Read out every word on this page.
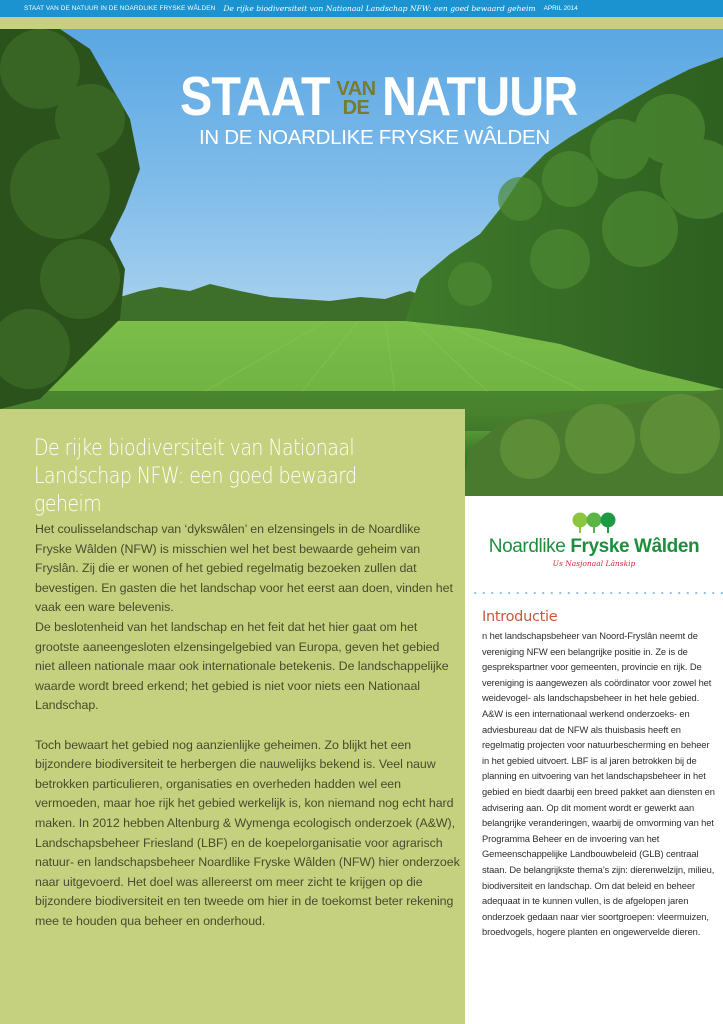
STAAT VAN DE NATUUR IN DE NOARDLIKE FRYSKE WÂLDEN De rijke biodiversiteit van Nationaal Landschap NFW: een goed bewaard geheim APRIL 2014
STAAT VAN
DE NATUUR
IN DE NOARDLIKE FRYSKE WÂLDEN
De rijke biodiversiteit van Nationaal
Landschap NFW: een goed bewaard geheim

Het coulisselandschap van ‘dykswâlen’ en elzensingels in de Noardlike Fryske Wâlden (NFW) is misschien wel het best bewaarde geheim van Fryslân. Zij die er wonen of het gebied regelmatig bezoeken zullen dat bevestigen. En gasten die het landschap voor het eerst aan doen, vinden het vaak een ware belevenis.

De beslotenheid van het landschap en het feit dat het hier gaat om het grootste aaneengesloten elzensingelgebied van Europa, geven het gebied niet alleen nationale maar ook internationale betekenis. De landschappelijke waarde wordt breed erkend; het gebied is niet voor niets een Nationaal Landschap.

Toch bewaart het gebied nog aanzienlijke geheimen. Zo blijkt het een bijzondere biodiversiteit te herbergen die nauwelijks bekend is. Veel nauw betrokken particulieren, organisaties en overheden hadden wel een vermoeden, maar hoe rijk het gebied werkelijk is, kon niemand nog echt hard maken. In 2012 hebben Altenburg & Wymenga ecologisch onderzoek (A&W), Landschapsbeheer Friesland (LBF) en de koepelorganisatie voor agrarisch natuur- en landschapsbeheer Noardlike Fryske Wâlden (NFW) hier onderzoek naar uitgevoerd. Het doel was allereerst om meer zicht te krijgen op die bijzondere biodiversiteit en ten tweede om hier in de toekomst beter rekening mee te houden qua beheer en onderhoud.

Noardlike Fryske Wâlden
Us Nasjonaal Lânskip
Introductie
n het landschapsbeheer van Noord-Fryslân neemt de vereniging NFW een belangrijke positie in. Ze is de gesprekspartner voor gemeenten, provincie en rijk. De vereniging is aangewezen als coördinator voor zowel het weidevogel- als landschapsbeheer in het hele gebied. A&W is een internationaal werkend onderzoeks- en adviesbureau dat de NFW als thuisbasis heeft en regelmatig projecten voor natuurbescherming en beheer in het gebied uitvoert. LBF is al jaren betrokken bij de planning en uitvoering van het landschapsbeheer in het gebied en biedt daarbij een breed pakket aan diensten en advisering aan. Op dit moment wordt er gewerkt aan belangrijke veranderingen, waarbij de omvorming van het Programma Beheer en de invoering van het Gemeenschappelijke Landbouwbeleid (GLB) centraal staan. De belangrijkste thema’s zijn: dierenwelzijn, milieu, biodiversiteit en landschap. Om dat beleid en beheer adequaat in te kunnen vullen, is de afgelopen jaren onderzoek gedaan naar vier soortgroepen: vleermuizen, broedvogels, hogere planten en ongewervelde dieren.
